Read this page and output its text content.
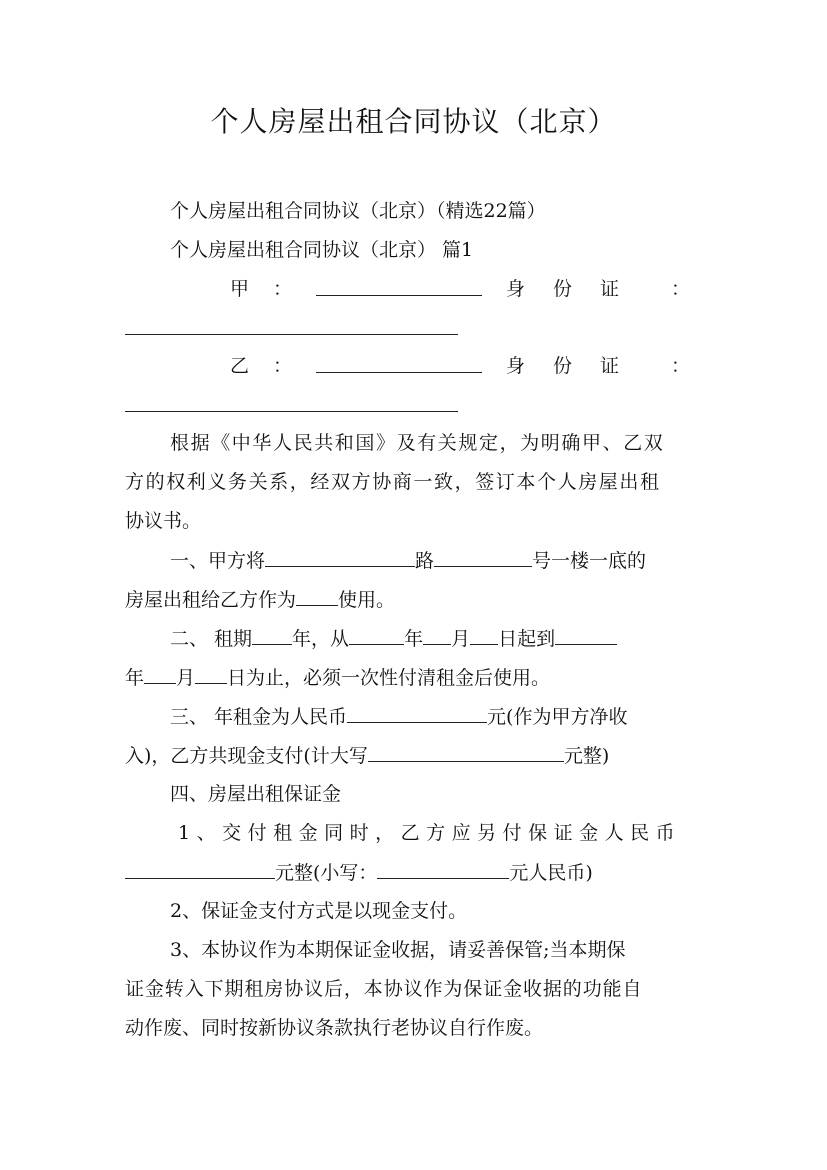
个人房屋出租合同协议（北京）
个人房屋出租合同协议（北京）（精选22篇）
个人房屋出租合同协议（北京） 篇1
甲 ：	身份证 ：
乙 ：	身份证 ：
根据《中华人民共和国》及有关规定，为明确甲、乙双
方的权利义务关系，经双方协商一致，签订本个人房屋出租
协议书。
一、甲方将	路	号一楼一底的
房屋出租给乙方作为 使用。
二、 租期 年，从	年 月 日起到
年 月 日为止，必须一次性付清租金后使用。
三、 年租金为人民币	元(作为甲方净收
入)，乙方共现金支付(计大写	元整)
四、房屋出租保证金
1、交付租金同时，乙方应另付保证金人民币
元整(小写：	元人民币)
2、保证金支付方式是以现金支付。
3、本协议作为本期保证金收据，请妥善保管;当本期保
证金转入下期租房协议后，本协议作为保证金收据的功能自
动作废、同时按新协议条款执行老协议自行作废。
